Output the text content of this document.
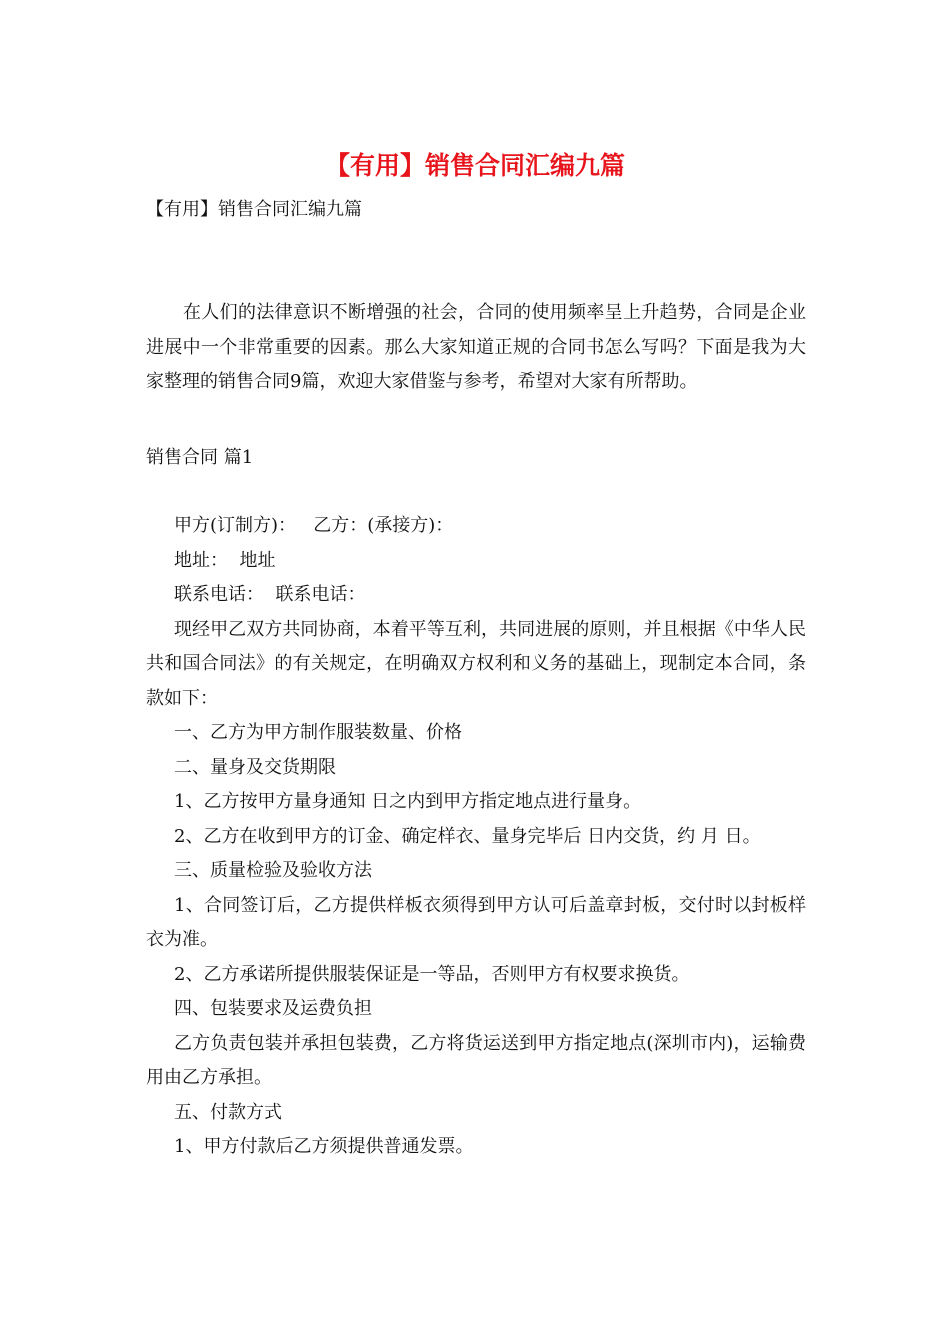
【有用】销售合同汇编九篇

【有用】销售合同汇编九篇

在人们的法律意识不断增强的社会，合同的使用频率呈上升趋势，合同是企业进展中一个非常重要的因素。那么大家知道正规的合同书怎么写吗？下面是我为大家整理的销售合同9篇，欢迎大家借鉴与参考，希望对大家有所帮助。

销售合同 篇1

甲方(订制方)：   乙方：(承接方)：

地址：  地址

联系电话：  联系电话：

现经甲乙双方共同协商，本着平等互利，共同进展的原则，并且根据《中华人民共和国合同法》的有关规定，在明确双方权利和义务的基础上，现制定本合同，条款如下：

一、乙方为甲方制作服装数量、价格

二、量身及交货期限

1、乙方按甲方量身通知 日之内到甲方指定地点进行量身。

2、乙方在收到甲方的订金、确定样衣、量身完毕后 日内交货，约 月 日。

三、质量检验及验收方法

1、合同签订后，乙方提供样板衣须得到甲方认可后盖章封板，交付时以封板样衣为准。

2、乙方承诺所提供服装保证是一等品，否则甲方有权要求换货。

四、包装要求及运费负担

乙方负责包装并承担包装费，乙方将货运送到甲方指定地点(深圳市内)，运输费用由乙方承担。

五、付款方式

1、甲方付款后乙方须提供普通发票。
